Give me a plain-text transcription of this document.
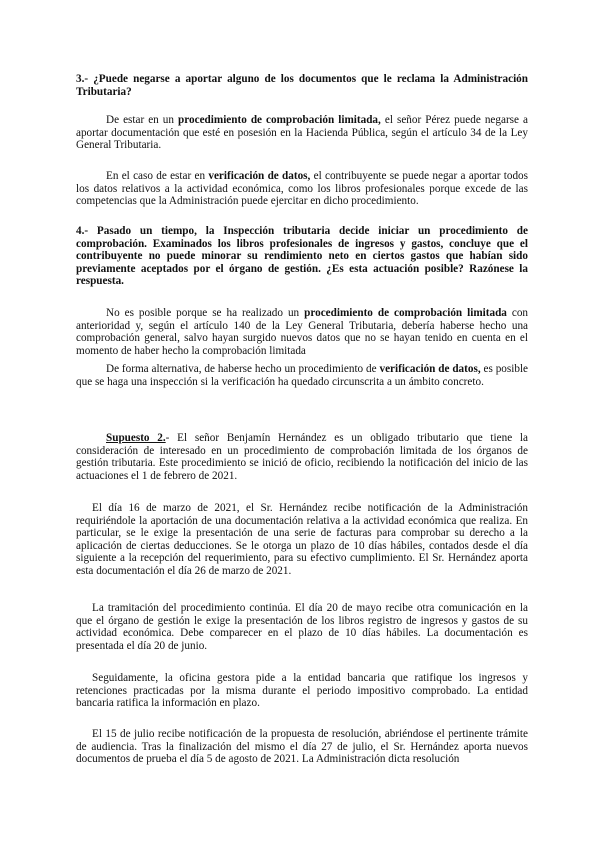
3.- ¿Puede negarse a aportar alguno de los documentos que le reclama la Administración Tributaria?

De estar en un procedimiento de comprobación limitada, el señor Pérez puede negarse a aportar documentación que esté en posesión en la Hacienda Pública, según el artículo 34 de la Ley General Tributaria.

En el caso de estar en verificación de datos, el contribuyente se puede negar a aportar todos los datos relativos a la actividad económica, como los libros profesionales porque excede de las competencias que la Administración puede ejercitar en dicho procedimiento.

4.- Pasado un tiempo, la Inspección tributaria decide iniciar un procedimiento de comprobación. Examinados los libros profesionales de ingresos y gastos, concluye que el contribuyente no puede minorar su rendimiento neto en ciertos gastos que habían sido previamente aceptados por el órgano de gestión. ¿Es esta actuación posible? Razónese la respuesta.

No es posible porque se ha realizado un procedimiento de comprobación limitada con anterioridad y, según el artículo 140 de la Ley General Tributaria, debería haberse hecho una comprobación general, salvo hayan surgido nuevos datos que no se hayan tenido en cuenta en el momento de haber hecho la comprobación limitada

De forma alternativa, de haberse hecho un procedimiento de verificación de datos, es posible que se haga una inspección si la verificación ha quedado circunscrita a un ámbito concreto.

Supuesto 2.- El señor Benjamín Hernández es un obligado tributario que tiene la consideración de interesado en un procedimiento de comprobación limitada de los órganos de gestión tributaria. Este procedimiento se inició de oficio, recibiendo la notificación del inicio de las actuaciones el 1 de febrero de 2021.

El día 16 de marzo de 2021, el Sr. Hernández recibe notificación de la Administración requiriéndole la aportación de una documentación relativa a la actividad económica que realiza. En particular, se le exige la presentación de una serie de facturas para comprobar su derecho a la aplicación de ciertas deducciones. Se le otorga un plazo de 10 días hábiles, contados desde el día siguiente a la recepción del requerimiento, para su efectivo cumplimiento. El Sr. Hernández aporta esta documentación el día 26 de marzo de 2021.

La tramitación del procedimiento continúa. El día 20 de mayo recibe otra comunicación en la que el órgano de gestión le exige la presentación de los libros registro de ingresos y gastos de su actividad económica. Debe comparecer en el plazo de 10 días hábiles. La documentación es presentada el día 20 de junio.

Seguidamente, la oficina gestora pide a la entidad bancaria que ratifique los ingresos y retenciones practicadas por la misma durante el periodo impositivo comprobado. La entidad bancaria ratifica la información en plazo.

El 15 de julio recibe notificación de la propuesta de resolución, abriéndose el pertinente trámite de audiencia. Tras la finalización del mismo el día 27 de julio, el Sr. Hernández aporta nuevos documentos de prueba el día 5 de agosto de 2021. La Administración dicta resolución
